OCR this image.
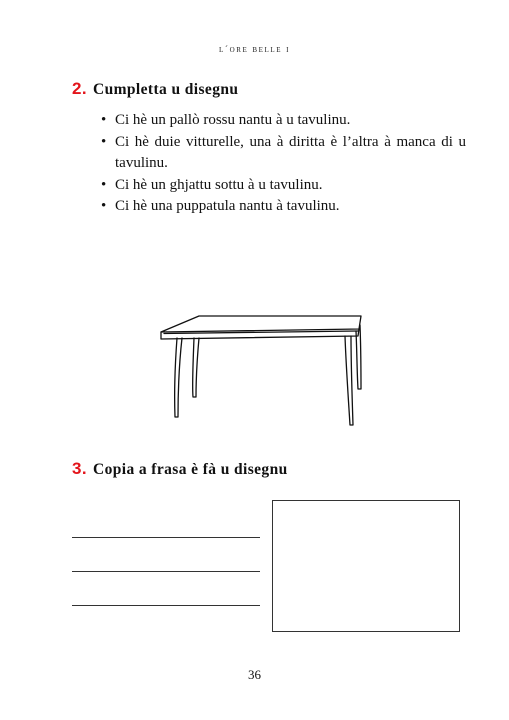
l´ore belle i
2. Cumpletta u disegnu
• Ci hè un pallò rossu nantu à u tavulinu.
• Ci hè duie vitturelle, una à diritta è l’altra à manca di u tavulinu.
• Ci hè un ghjattu sottu à u tavulinu.
• Ci hè una puppatula nantu à tavulinu.
3. Copia a frasa è fà u disegnu
36
